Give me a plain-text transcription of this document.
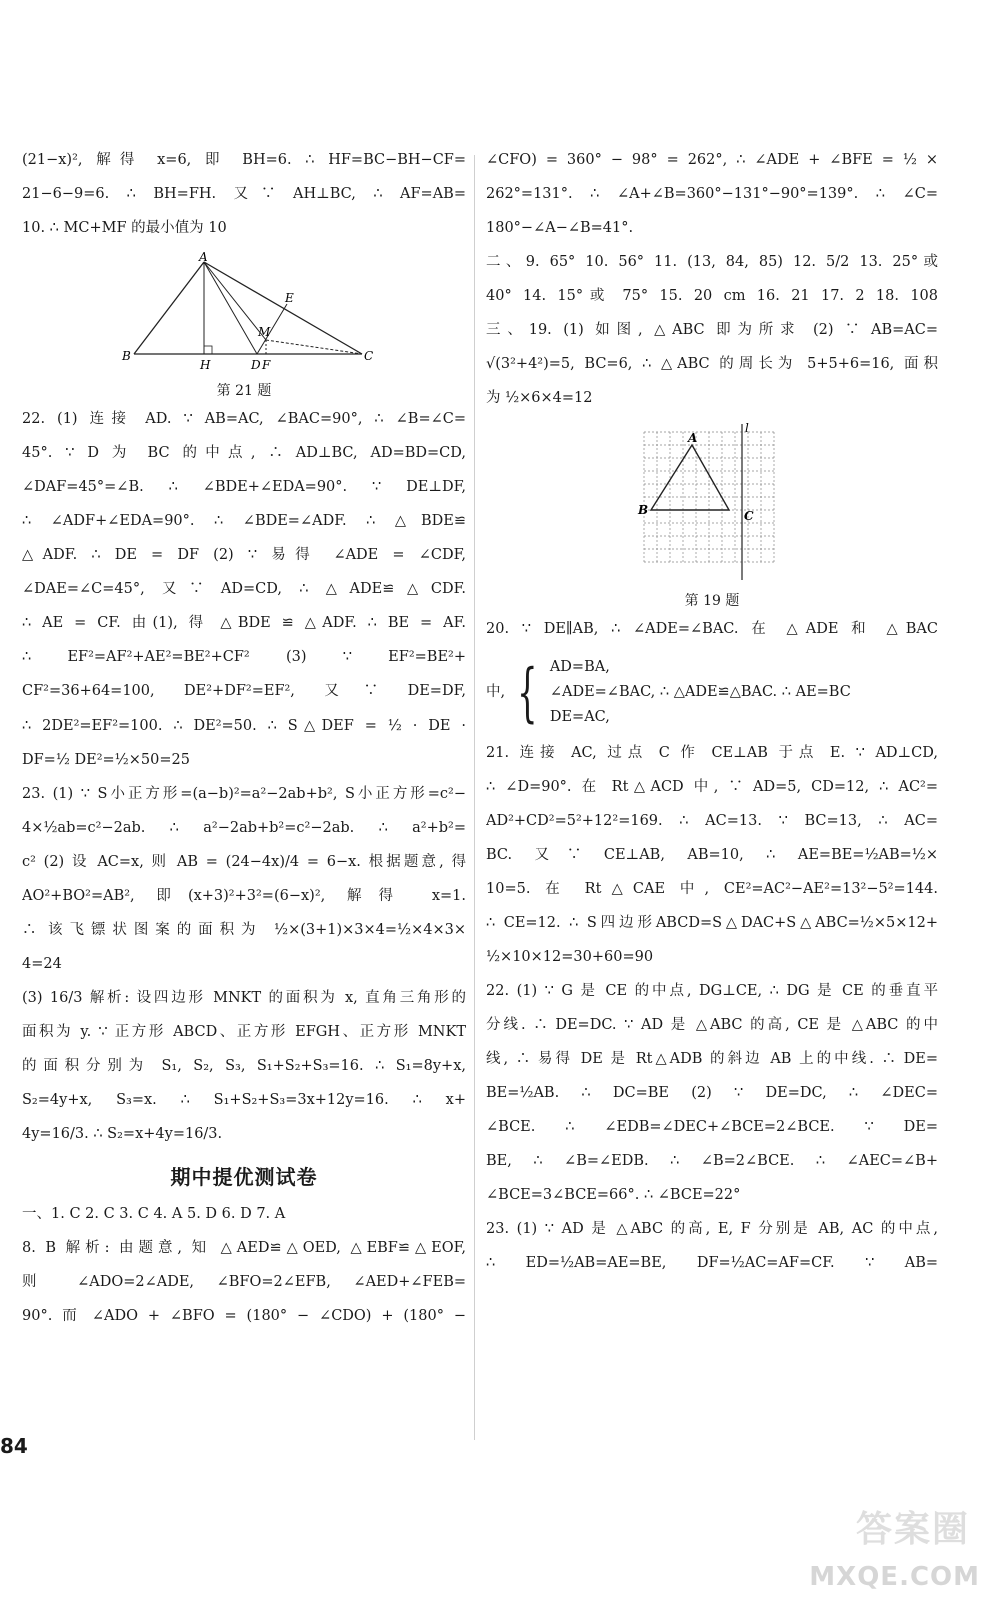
(21−x)², 解得 x=6, 即 BH=6. ∴ HF=BC−BH−CF=
21−6−9=6. ∴ BH=FH. 又∵ AH⊥BC, ∴ AF=AB=
10. ∴ MC+MF 的最小值为 10
A
B	C
H	D F
E
M
第 21 题
22. (1) 连接 AD. ∵ AB=AC, ∠BAC=90°, ∴ ∠B=∠C=
45°. ∵ D 为 BC 的中点, ∴ AD⊥BC, AD=BD=CD,
∠DAF=45°=∠B. ∴ ∠BDE+∠EDA=90°. ∵ DE⊥DF,
∴ ∠ADF+∠EDA=90°. ∴ ∠BDE=∠ADF. ∴ △BDE≌
△ADF. ∴ DE = DF (2) ∵ 易得 ∠ADE = ∠CDF,
∠DAE=∠C=45°, 又∵ AD=CD, ∴ △ADE≌△CDF.
∴ AE = CF. 由(1), 得 △BDE ≌ △ADF. ∴ BE = AF.
∴ EF²=AF²+AE²=BE²+CF² (3) ∵ EF²=BE²+
CF²=36+64=100, DE²+DF²=EF², 又∵ DE=DF,
∴ 2DE²=EF²=100. ∴ DE²=50. ∴ S△DEF = ½ · DE ·
DF=½ DE²=½×50=25
23. (1) ∵ S小正方形=(a−b)²=a²−2ab+b², S小正方形=c²−
4×½ab=c²−2ab. ∴ a²−2ab+b²=c²−2ab. ∴ a²+b²=
c² (2) 设 AC=x, 则 AB = (24−4x)/4 = 6−x. 根据题意, 得
AO²+BO²=AB², 即(x+3)²+3²=(6−x)², 解得 x=1.
∴ 该飞镖状图案的面积为 ½×(3+1)×3×4=½×4×3×
4=24
(3) 16/3 解析: 设四边形 MNKT 的面积为 x, 直角三角形的
面积为 y. ∵ 正方形 ABCD、正方形 EFGH、正方形 MNKT
的面积分别为 S₁, S₂, S₃, S₁+S₂+S₃=16. ∴ S₁=8y+x,
S₂=4y+x, S₃=x. ∴ S₁+S₂+S₃=3x+12y=16. ∴ x+
4y=16/3. ∴ S₂=x+4y=16/3.
期中提优测试卷
一、1. C 2. C 3. C 4. A 5. D 6. D 7. A
8. B 解析: 由题意, 知 △AED≌△OED, △EBF≌△EOF,
则 ∠ADO=2∠ADE, ∠BFO=2∠EFB, ∠AED+∠FEB=
90°. 而 ∠ADO + ∠BFO = (180° − ∠CDO) + (180° −
∠CFO) = 360° − 98° = 262°, ∴ ∠ADE + ∠BFE = ½ ×
262°=131°. ∴ ∠A+∠B=360°−131°−90°=139°. ∴ ∠C=
180°−∠A−∠B=41°.
二、9. 65° 10. 56° 11. (13, 84, 85) 12. 5/2 13. 25°或
40° 14. 15°或 75° 15. 20 cm 16. 21 17. 2 18. 108
三、19. (1) 如图, △ABC 即为所求 (2) ∵ AB=AC=
√(3²+4²)=5, BC=6, ∴ △ABC 的周长为 5+5+6=16, 面积
为 ½×6×4=12
A
B	C
l
第 19 题
20. ∵ DE∥AB, ∴ ∠ADE=∠BAC. 在 △ADE 和 △BAC
中, { AD=BA,
∠ADE=∠BAC, ∴ △ADE≌△BAC. ∴ AE=BC
DE=AC,
21. 连接 AC, 过点 C 作 CE⊥AB 于点 E. ∵ AD⊥CD,
∴ ∠D=90°. 在 Rt△ACD 中, ∵ AD=5, CD=12, ∴ AC²=
AD²+CD²=5²+12²=169. ∴ AC=13. ∵ BC=13, ∴ AC=
BC. 又∵ CE⊥AB, AB=10, ∴ AE=BE=½AB=½×
10=5. 在 Rt△CAE 中, CE²=AC²−AE²=13²−5²=144.
∴ CE=12. ∴ S四边形ABCD=S△DAC+S△ABC=½×5×12+
½×10×12=30+60=90
22. (1) ∵ G 是 CE 的中点, DG⊥CE, ∴ DG 是 CE 的垂直平
分线. ∴ DE=DC. ∵ AD 是 △ABC 的高, CE 是 △ABC 的中
线, ∴ 易得 DE 是 Rt△ADB 的斜边 AB 上的中线. ∴ DE=
BE=½AB. ∴ DC=BE (2) ∵ DE=DC, ∴ ∠DEC=
∠BCE. ∴ ∠EDB=∠DEC+∠BCE=2∠BCE. ∵ DE=
BE, ∴ ∠B=∠EDB. ∴ ∠B=2∠BCE. ∴ ∠AEC=∠B+
∠BCE=3∠BCE=66°. ∴ ∠BCE=22°
23. (1) ∵ AD 是 △ABC 的高, E, F 分别是 AB, AC 的中点,
∴ ED=½AB=AE=BE, DF=½AC=AF=CF. ∵ AB=
84
答案圈
MXQE.COM
